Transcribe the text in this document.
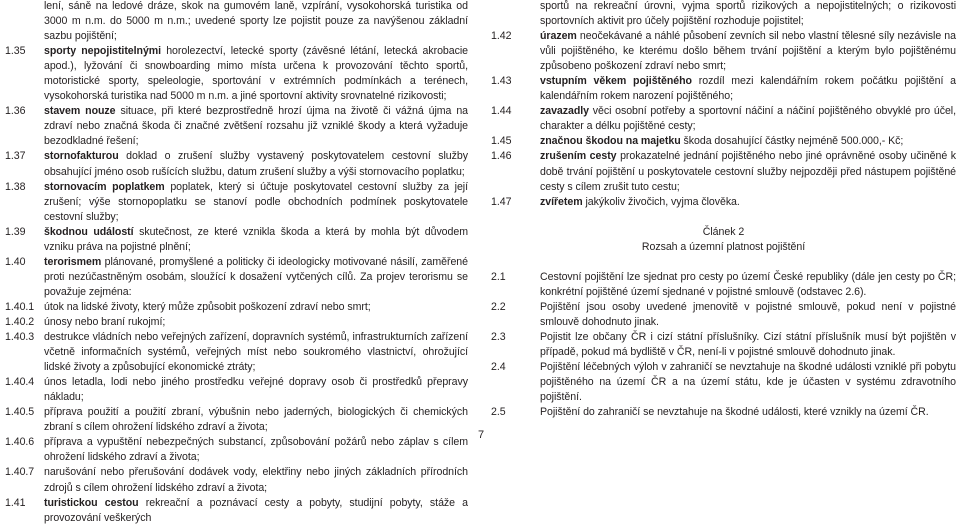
lení, sáně na ledové dráze, skok na gumovém laně, vzpírání, vysokohorská turistika od 3000 m n.m. do 5000 m n.m.; uvedené sporty lze pojistit pouze za navýšenou základní sazbu pojištění;
1.35	sporty nepojistitelnými horolezectví, letecké sporty (závěsné létání, letecká akrobacie apod.), lyžování či snowboarding mimo místa určena k provozování těchto sportů, motoristické sporty, speleologie, sportování v extrémních podmínkách a terénech, vysokohorská turistika nad 5000 m n.m. a jiné sportovní aktivity srovnatelné rizikovosti;
1.36	stavem nouze situace, při které bezprostředně hrozí újma na životě či vážná újma na zdraví nebo značná škoda či značné zvětšení rozsahu již vzniklé škody a která vyžaduje bezodkladné řešení;
1.37	stornofakturou doklad o zrušení služby vystavený poskytovatelem cestovní služby obsahující jméno osob rušících službu, datum zrušení služby a výši stornovacího poplatku;
1.38	stornovacím poplatkem poplatek, který si účtuje poskytovatel cestovní služby za její zrušení; výše stornopoplatku se stanoví podle obchodních podmínek poskytovatele cestovní služby;
1.39	škodnou událostí skutečnost, ze které vznikla škoda a která by mohla být důvodem vzniku práva na pojistné plnění;
1.40	terorismem plánované, promyšlené a politicky či ideologicky motivované násilí, zaměřené proti nezúčastněným osobám, sloužící k dosažení vytčených cílů. Za projev terorismu se považuje zejména:
1.40.1 útok na lidské životy, který může způsobit poškození zdraví nebo smrt;
1.40.2 únosy nebo braní rukojmí;
1.40.3 destrukce vládních nebo veřejných zařízení, dopravních systémů, infrastrukturních zařízení včetně informačních systémů, veřejných míst nebo soukromého vlastnictví, ohrožující lidské životy a způsobující ekonomické ztráty;
1.40.4 únos letadla, lodi nebo jiného prostředku veřejné dopravy osob či prostředků přepravy nákladu;
1.40.5 příprava použití a použití zbraní, výbušnin nebo jaderných, biologických či chemických zbraní s cílem ohrožení lidského zdraví a života;
1.40.6 příprava a vypuštění nebezpečných substancí, způsobování požárů nebo záplav s cílem ohrožení lidského zdraví a života;
1.40.7 narušování nebo přerušování dodávek vody, elektřiny nebo jiných základních přírodních zdrojů s cílem ohrožení lidského zdraví a života;
1.41	turistickou cestou rekreační a poznávací cesty a pobyty, studijní pobyty, stáže a provozování veškerých
sportů na rekreační úrovni, vyjma sportů rizikových a nepojistitelných; o rizikovosti sportovních aktivit pro účely pojištění rozhoduje pojistitel;
1.42	úrazem neočekávané a náhlé působení zevních sil nebo vlastní tělesné síly nezávisle na vůli pojištěného, ke kterému došlo během trvání pojištění a kterým bylo pojištěnému způsobeno poškození zdraví nebo smrt;
1.43	vstupním věkem pojištěného rozdíl mezi kalendářním rokem počátku pojištění a kalendářním rokem narození pojištěného;
1.44	zavazadly věci osobní potřeby a sportovní náčiní a náčiní pojištěného obvyklé pro účel, charakter a délku pojištěné cesty;
1.45	značnou škodou na majetku škoda dosahující částky nejméně 500.000,- Kč;
1.46	zrušením cesty prokazatelné jednání pojištěného nebo jiné oprávněné osoby učiněné k době trvání pojištění u poskytovatele cestovní služby nejpozději před nástupem pojištěné cesty s cílem zrušit tuto cestu;
1.47	zvířetem jakýkoliv živočich, vyjma člověka.
Článek 2
Rozsah a územní platnost pojištění
2.1	Cestovní pojištění lze sjednat pro cesty po území České republiky (dále jen cesty po ČR; konkrétní pojištěné území sjednané v pojistné smlouvě (odstavec 2.6).
2.2	Pojištění jsou osoby uvedené jmenovitě v pojistné smlouvě, pokud není v pojistné smlouvě dohodnuto jinak.
2.3	Pojistit lze občany ČR i cizí státní příslušníky. Cizí státní příslušník musí být pojištěn v případě, pokud má bydliště v ČR, není-li v pojistné smlouvě dohodnuto jinak.
2.4	Pojištění léčebných výloh v zahraničí se nevztahuje na škodné události vzniklé při pobytu pojištěného na území ČR a na území státu, kde je účasten v systému zdravotního pojištění.
2.5	Pojištění do zahraničí se nevztahuje na škodné události, které vznikly na území ČR.
7
